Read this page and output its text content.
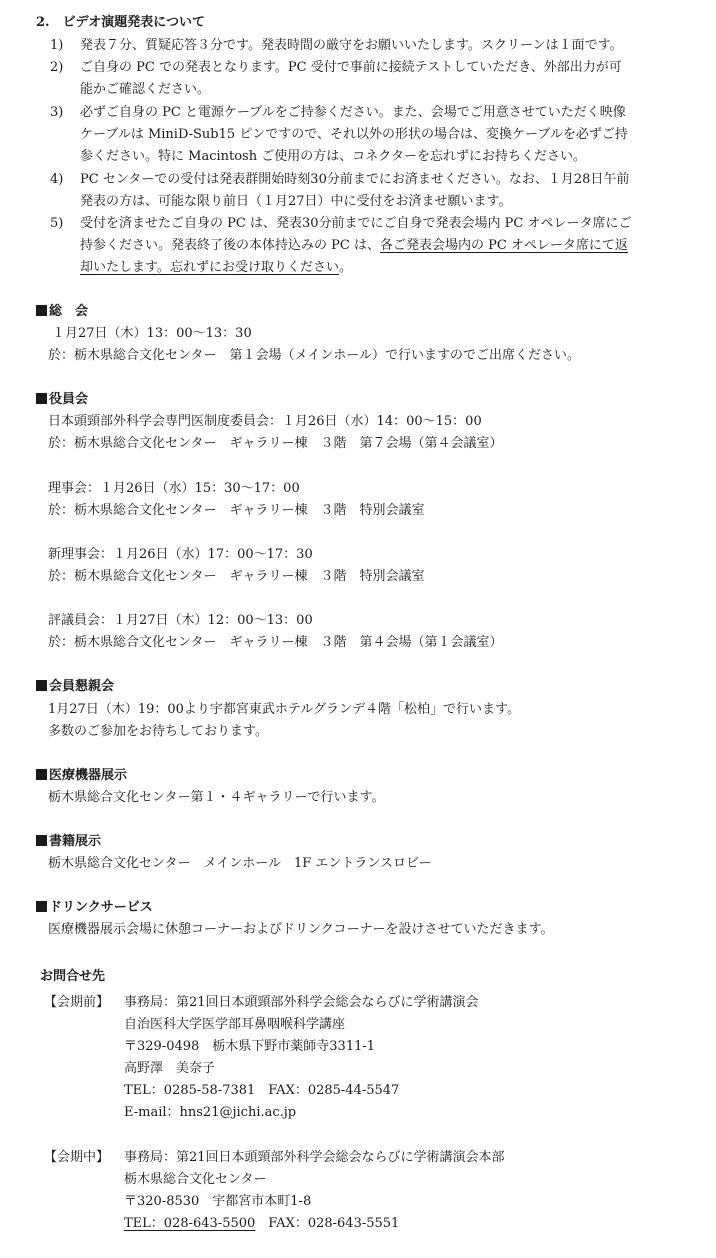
2.　ビデオ演題発表について
1) 発表７分、質疑応答３分です。発表時間の厳守をお願いいたします。スクリーンは１面です。
2) ご自身の PC での発表となります。PC 受付で事前に接続テストしていただき、外部出力が可
能かご確認ください。
3) 必ずご自身の PC と電源ケーブルをご持参ください。また、会場でご用意させていただく映像
ケーブルは MiniD-Sub15 ピンですので、それ以外の形状の場合は、変換ケーブルを必ずご持
参ください。特に Macintosh ご使用の方は、コネクターを忘れずにお持ちください。
4) PC センターでの受付は発表群開始時刻30分前までにお済ませください。なお、１月28日午前
発表の方は、可能な限り前日（１月27日）中に受付をお済ませ願います。
5) 受付を済ませたご自身の PC は、発表30分前までにご自身で発表会場内 PC オペレータ席にご
持参ください。発表終了後の本体持込みの PC は、各ご発表会場内の PC オペレータ席にて返
却いたします。忘れずにお受け取りください。
総　会
１月27日（木）13：00～13：30
於：栃木県総合文化センター　第１会場（メインホール）で行いますのでご出席ください。
役員会
日本頭頸部外科学会専門医制度委員会：１月26日（水）14：00～15：00
於：栃木県総合文化センター　ギャラリー棟　３階　第７会場（第４会議室）
理事会：１月26日（水）15：30～17：00
於：栃木県総合文化センター　ギャラリー棟　３階　特別会議室
新理事会：１月26日（水）17：00～17：30
於：栃木県総合文化センター　ギャラリー棟　３階　特別会議室
評議員会：１月27日（木）12：00～13：00
於：栃木県総合文化センター　ギャラリー棟　３階　第４会場（第１会議室）
会員懇親会
1月27日（木）19：00より宇都宮東武ホテルグランデ４階「松柏」で行います。
多数のご参加をお待ちしております。
医療機器展示
栃木県総合文化センター第１・４ギャラリーで行います。
書籍展示
栃木県総合文化センター　メインホール　1F エントランスロビー
ドリンクサービス
医療機器展示会場に休憩コーナーおよびドリンクコーナーを設けさせていただきます。
お問合せ先
【会期前】 事務局：第21回日本頭頸部外科学会総会ならびに学術講演会
自治医科大学医学部耳鼻咽喉科学講座
〒329-0498　栃木県下野市薬師寺3311-1
高野澤　美奈子
TEL：0285-58-7381　FAX：0285-44-5547
E-mail：hns21@jichi.ac.jp
【会期中】 事務局：第21回日本頭頸部外科学会総会ならびに学術講演会本部
栃木県総合文化センター
〒320-8530　宇都宮市本町1-8
TEL：028-643-5500　FAX：028-643-5551
